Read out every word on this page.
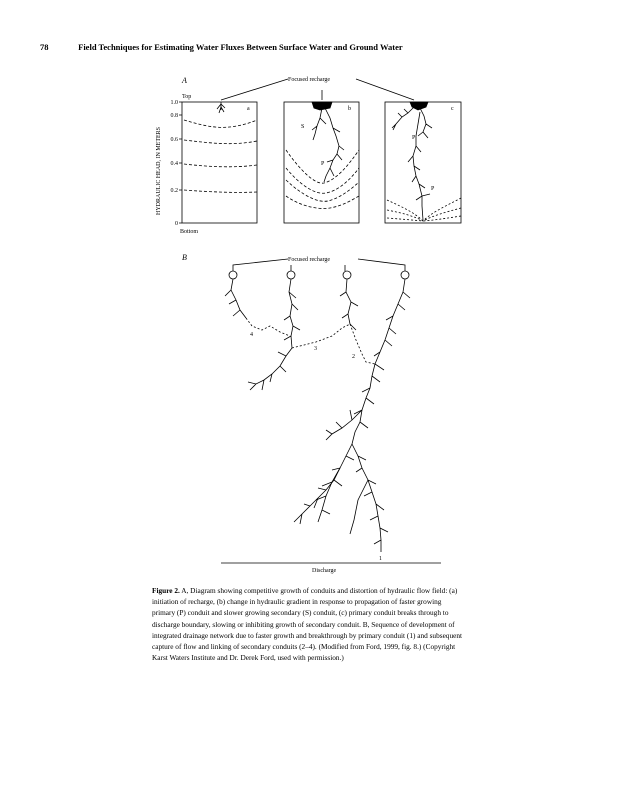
78	Field Techniques for Estimating Water Fluxes Between Surface Water and Ground Water
A	Focused recharge
Top
Bottom
HYDRAULIC HEAD, IN METERS
1.0
0.8
0.6
0.4
0.2
0
a	b
S
P
c
P
P
B	Focused recharge
4
3
2
1
Discharge
Figure 2. A, Diagram showing competitive growth of conduits and distortion of hydraulic flow field: (a) initiation of recharge, (b) change in hydraulic gradient in response to propagation of faster growing primary (P) conduit and slower growing secondary (S) conduit, (c) primary conduit breaks through to discharge boundary, slowing or inhibiting growth of secondary conduit. B, Sequence of development of integrated drainage network due to faster growth and breakthrough by primary conduit (1) and subsequent capture of flow and linking of secondary conduits (2–4). (Modified from Ford, 1999, fig. 8.) (Copyright Karst Waters Institute and Dr. Derek Ford, used with permission.)
